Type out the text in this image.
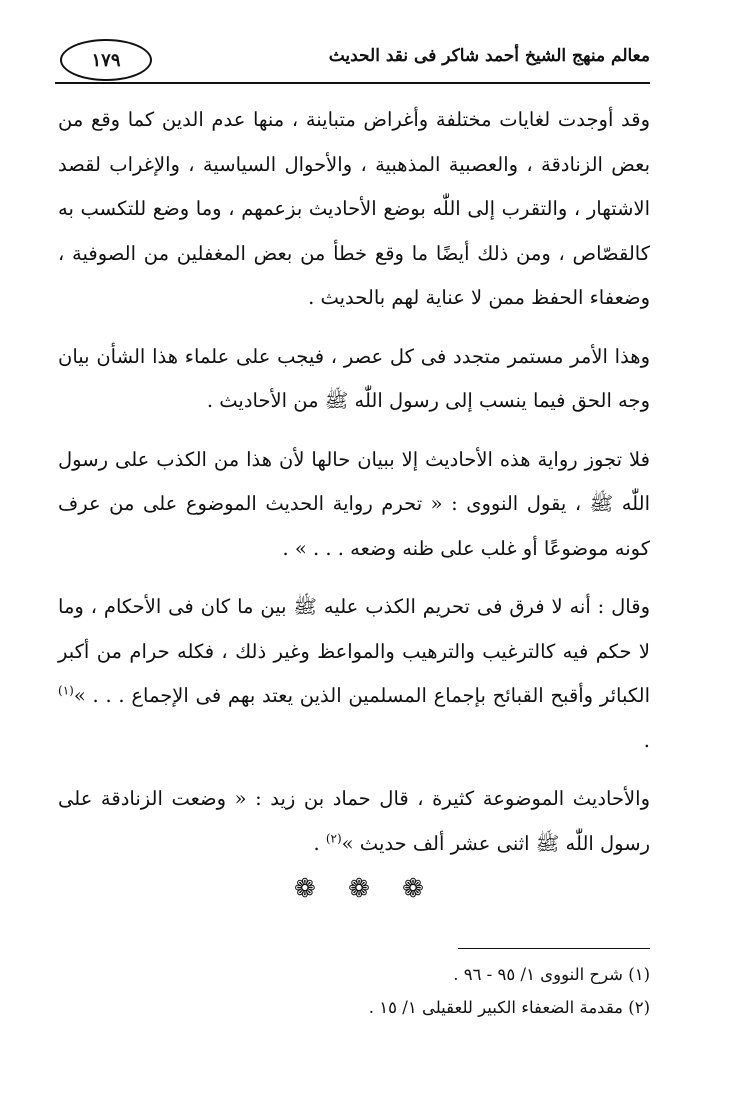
معالم منهج الشيخ أحمد شاكر فى نقد الحديث
١٧٩

وقد أوجدت لغايات مختلفة وأغراض متباينة ، منها عدم الدين كما وقع من بعض الزنادقة ، والعصبية المذهبية ، والأحوال السياسية ، والإغراب لقصد الاشتهار ، والتقرب إلى اللّٰه بوضع الأحاديث بزعمهم ، وما وضع للتكسب به كالقصّاص ، ومن ذلك أيضًا ما وقع خطأ من بعض المغفلين من الصوفية ، وضعفاء الحفظ ممن لا عناية لهم بالحديث .

وهذا الأمر مستمر متجدد فى كل عصر ، فيجب على علماء هذا الشأن بيان وجه الحق فيما ينسب إلى رسول اللّٰه ﷺ من الأحاديث .

فلا تجوز رواية هذه الأحاديث إلا ببيان حالها لأن هذا من الكذب على رسول اللّٰه ﷺ ، يقول النووى : « تحرم رواية الحديث الموضوع على من عرف كونه موضوعًا أو غلب على ظنه وضعه . . . » .

وقال : أنه لا فرق فى تحريم الكذب عليه ﷺ بين ما كان فى الأحكام ، وما لا حكم فيه كالترغيب والترهيب والمواعظ وغير ذلك ، فكله حرام من أكبر الكبائر وأقبح القبائح بإجماع المسلمين الذين يعتد بهم فى الإجماع . . . »$^{(١)}$ .

والأحاديث الموضوعة كثيرة ، قال حماد بن زيد : « وضعت الزنادقة على رسول اللّٰه ﷺ اثنى عشر ألف حديث »$^{(٢)}$ .

❁ ❁ ❁
(١) شرح النووى ١/ ٩٥ - ٩٦ .
(٢) مقدمة الضعفاء الكبير للعقيلى ١/ ١٥ .
